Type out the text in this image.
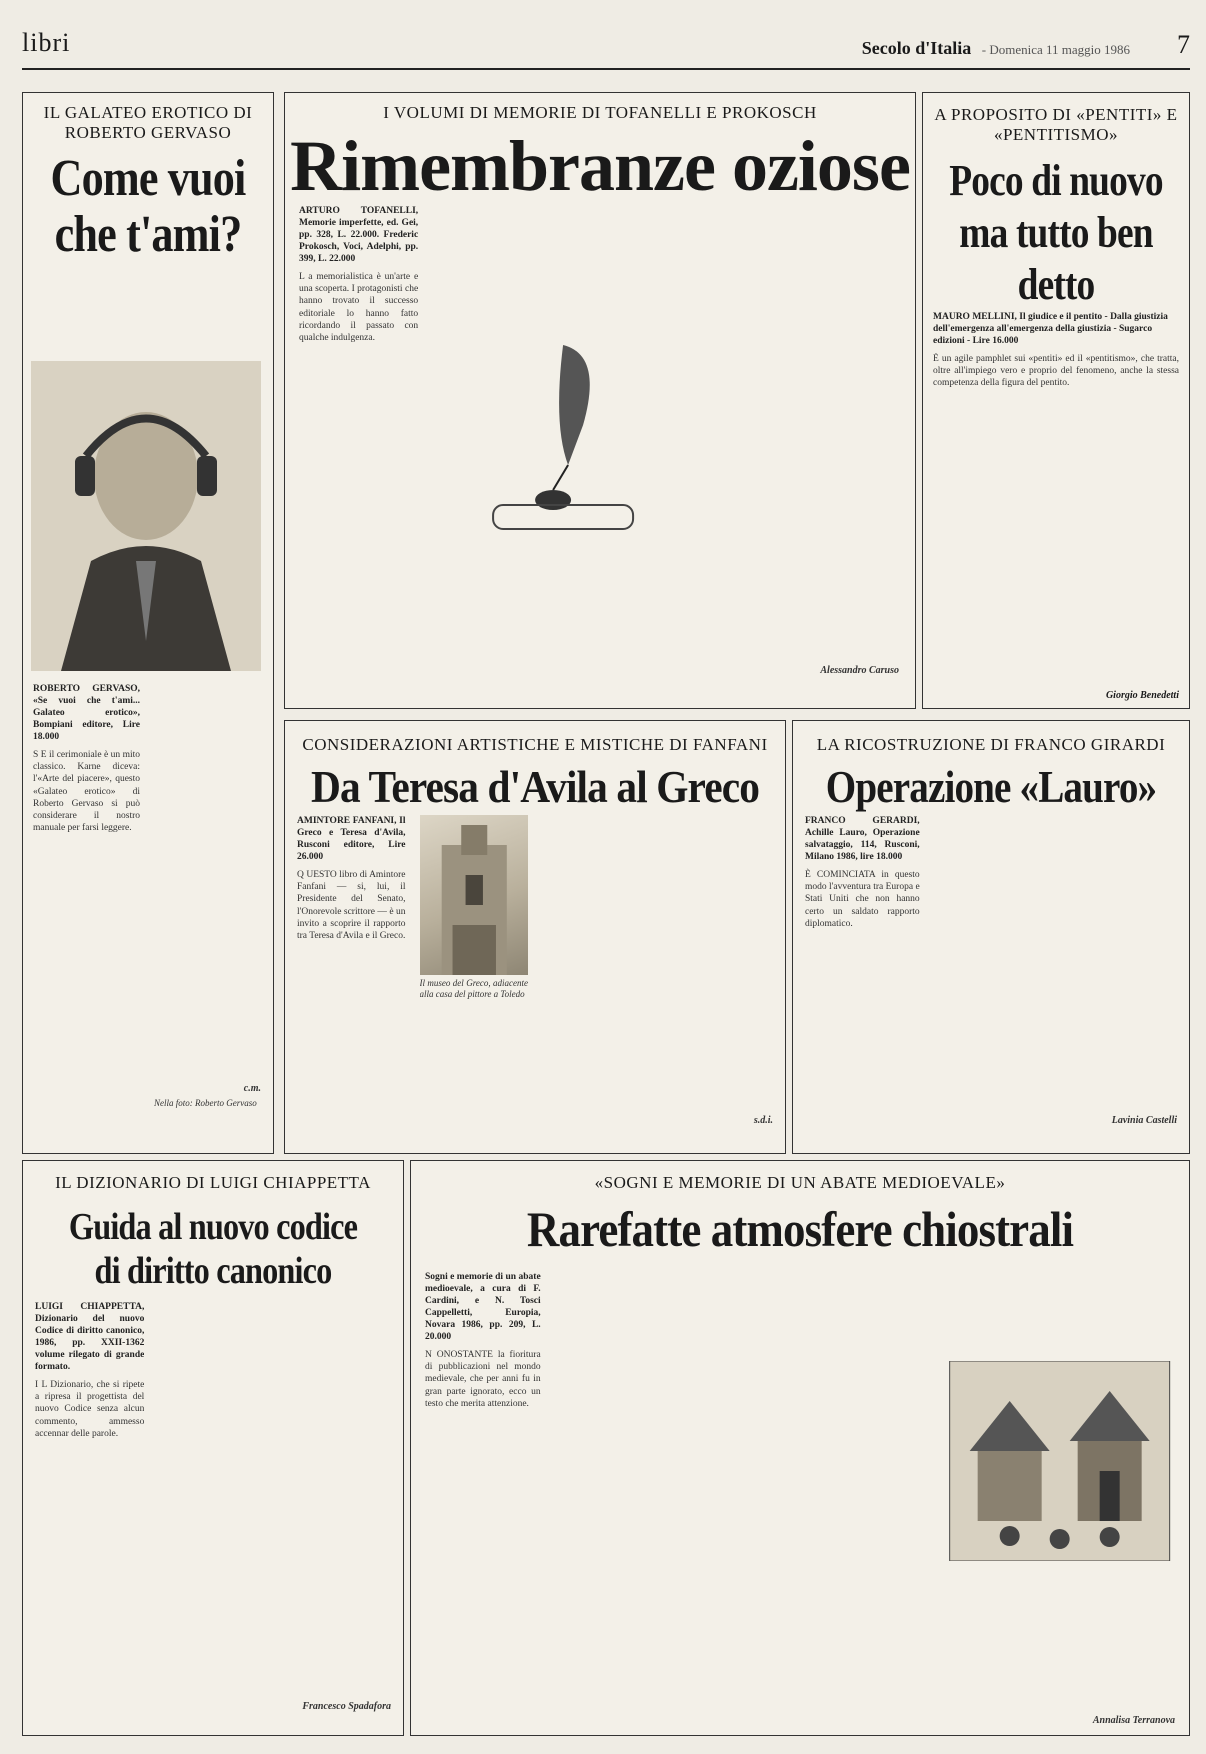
libri	Secolo d'Italia - Domenica 11 maggio 1986 7
IL GALATEO EROTICO DI ROBERTO GERVASO
Come vuoi che t'ami?
ROBERTO GERVASO, «Se vuoi che t'ami... Galateo erotico», Bompiani editore, Lire 18.000

S E il cerimoniale è un mito classico. Karne diceva: l'«Arte del piacere», questo «Galateo erotico» di Roberto Gervaso si può considerare il nostro manuale per farsi leggere.

c.m.
Nella foto: Roberto Gervaso
I VOLUMI DI MEMORIE DI TOFANELLI E PROKOSCH
Rimembranze oziose
ARTURO TOFANELLI, Memorie imperfette, ed. Gei, pp. 328, L. 22.000. Frederic Prokosch, Voci, Adelphi, pp. 399, L. 22.000

L a memorialistica è un'arte e una scoperta. I protagonisti che hanno trovato il successo editoriale lo hanno fatto ricordando il passato con qualche indulgenza.

Alessandro Caruso
A PROPOSITO DI «PENTITI» E «PENTITISMO»
Poco di nuovo ma tutto ben detto
MAURO MELLINI, Il giudice e il pentito - Dalla giustizia dell'emergenza all'emergenza della giustizia - Sugarco edizioni - Lire 16.000

È un agile pamphlet sui «pentiti» ed il «pentitismo», che tratta, oltre all'impiego vero e proprio del fenomeno, anche la stessa competenza della figura del pentito.

Giorgio Benedetti
CONSIDERAZIONI ARTISTICHE E MISTICHE DI FANFANI
Da Teresa d'Avila al Greco
AMINTORE FANFANI, Il Greco e Teresa d'Avila, Rusconi editore, Lire 26.000

Q UESTO libro di Amintore Fanfani — si, lui, il Presidente del Senato, l'Onorevole scrittore — è un invito a scoprire il rapporto tra Teresa d'Avila e il Greco.

Il museo del Greco, adiacente alla casa del pittore a Toledo
s.d.i.
LA RICOSTRUZIONE DI FRANCO GIRARDI
Operazione «Lauro»
FRANCO GERARDI, Achille Lauro, Operazione salvataggio, 114, Rusconi, Milano 1986, lire 18.000

È COMINCIATA in questo modo l'avventura tra Europa e Stati Uniti che non hanno certo un saldato rapporto diplomatico.

Lavinia Castelli
IL DIZIONARIO DI LUIGI CHIAPPETTA
Guida al nuovo codice di diritto canonico
LUIGI CHIAPPETTA, Dizionario del nuovo Codice di diritto canonico, 1986, pp. XXII-1362 volume rilegato di grande formato.

I L Dizionario, che si ripete a ripresa il progettista del nuovo Codice senza alcun commento, ammesso accennar delle parole.

Francesco Spadafora
«SOGNI E MEMORIE DI UN ABATE MEDIOEVALE»
Rarefatte atmosfere chiostrali
Sogni e memorie di un abate medioevale, a cura di F. Cardini, e N. Tosci Cappelletti, Europia, Novara 1986, pp. 209, L. 20.000

N ONOSTANTE la fioritura di pubblicazioni nel mondo medievale, che per anni fu in gran parte ignorato, ecco un testo che merita attenzione.

Annalisa Terranova
